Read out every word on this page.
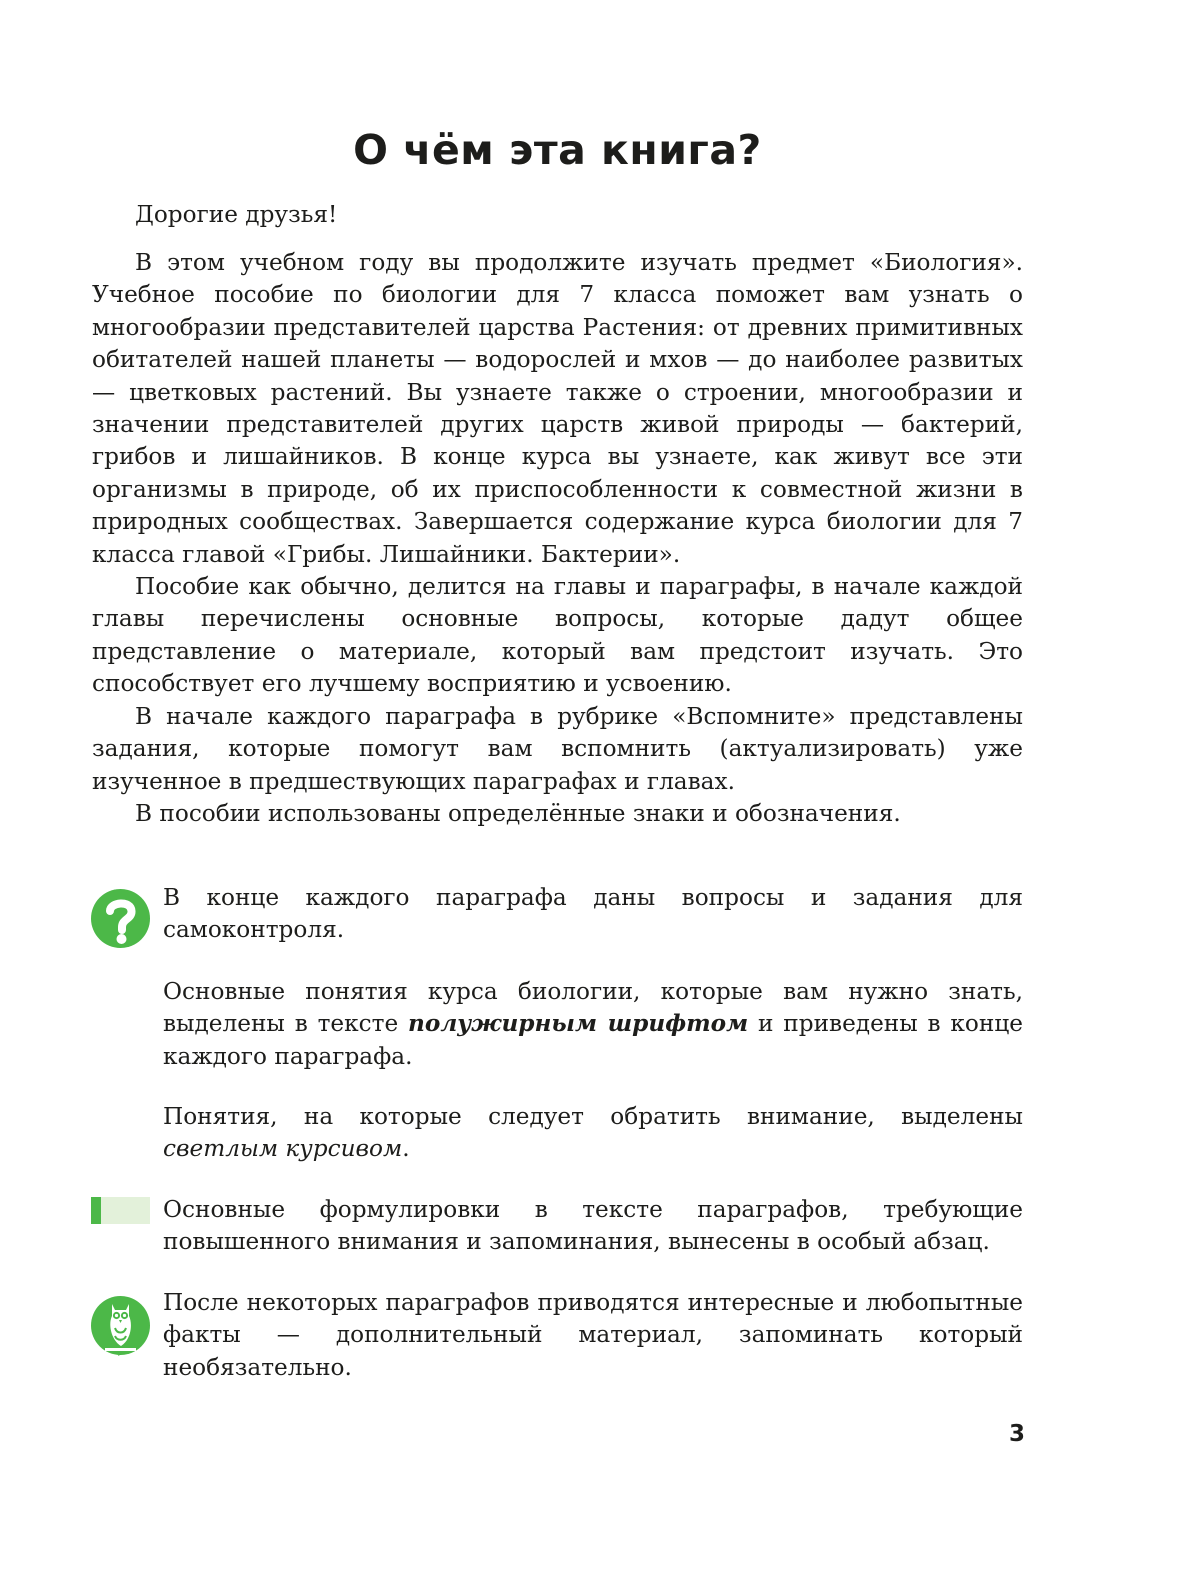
О чём эта книга?

Дорогие друзья!

В этом учебном году вы продолжите изучать предмет «Биология». Учебное пособие по биологии для 7 класса поможет вам узнать о многообразии представителей царства Растения: от древних примитивных обитателей нашей планеты — водорослей и мхов — до наиболее развитых — цветковых растений. Вы узнаете также о строении, многообразии и значении представителей других царств живой природы — бактерий, грибов и лишайников. В конце курса вы узнаете, как живут все эти организмы в природе, об их приспособленности к совместной жизни в природных сообществах. Завершается содержание курса биологии для 7 класса главой «Грибы. Лишайники. Бактерии».

Пособие как обычно, делится на главы и параграфы, в начале каждой главы перечислены основные вопросы, которые дадут общее представление о материале, который вам предстоит изучать. Это способствует его лучшему восприятию и усвоению.

В начале каждого параграфа в рубрике «Вспомните» представлены задания, которые помогут вам вспомнить (актуализировать) уже изученное в предшествующих параграфах и главах.

В пособии использованы определённые знаки и обозначения.

В конце каждого параграфа даны вопросы и задания для самоконтроля.

Основные понятия курса биологии, которые вам нужно знать, выделены в тексте полужирным шрифтом и приведены в конце каждого параграфа.

Понятия, на которые следует обратить внимание, выделены светлым курсивом.

Основные формулировки в тексте параграфов, требующие повышенного внимания и запоминания, вынесены в особый абзац.

После некоторых параграфов приводятся интересные и любопытные факты — дополнительный материал, запоминать который необязательно.

3
